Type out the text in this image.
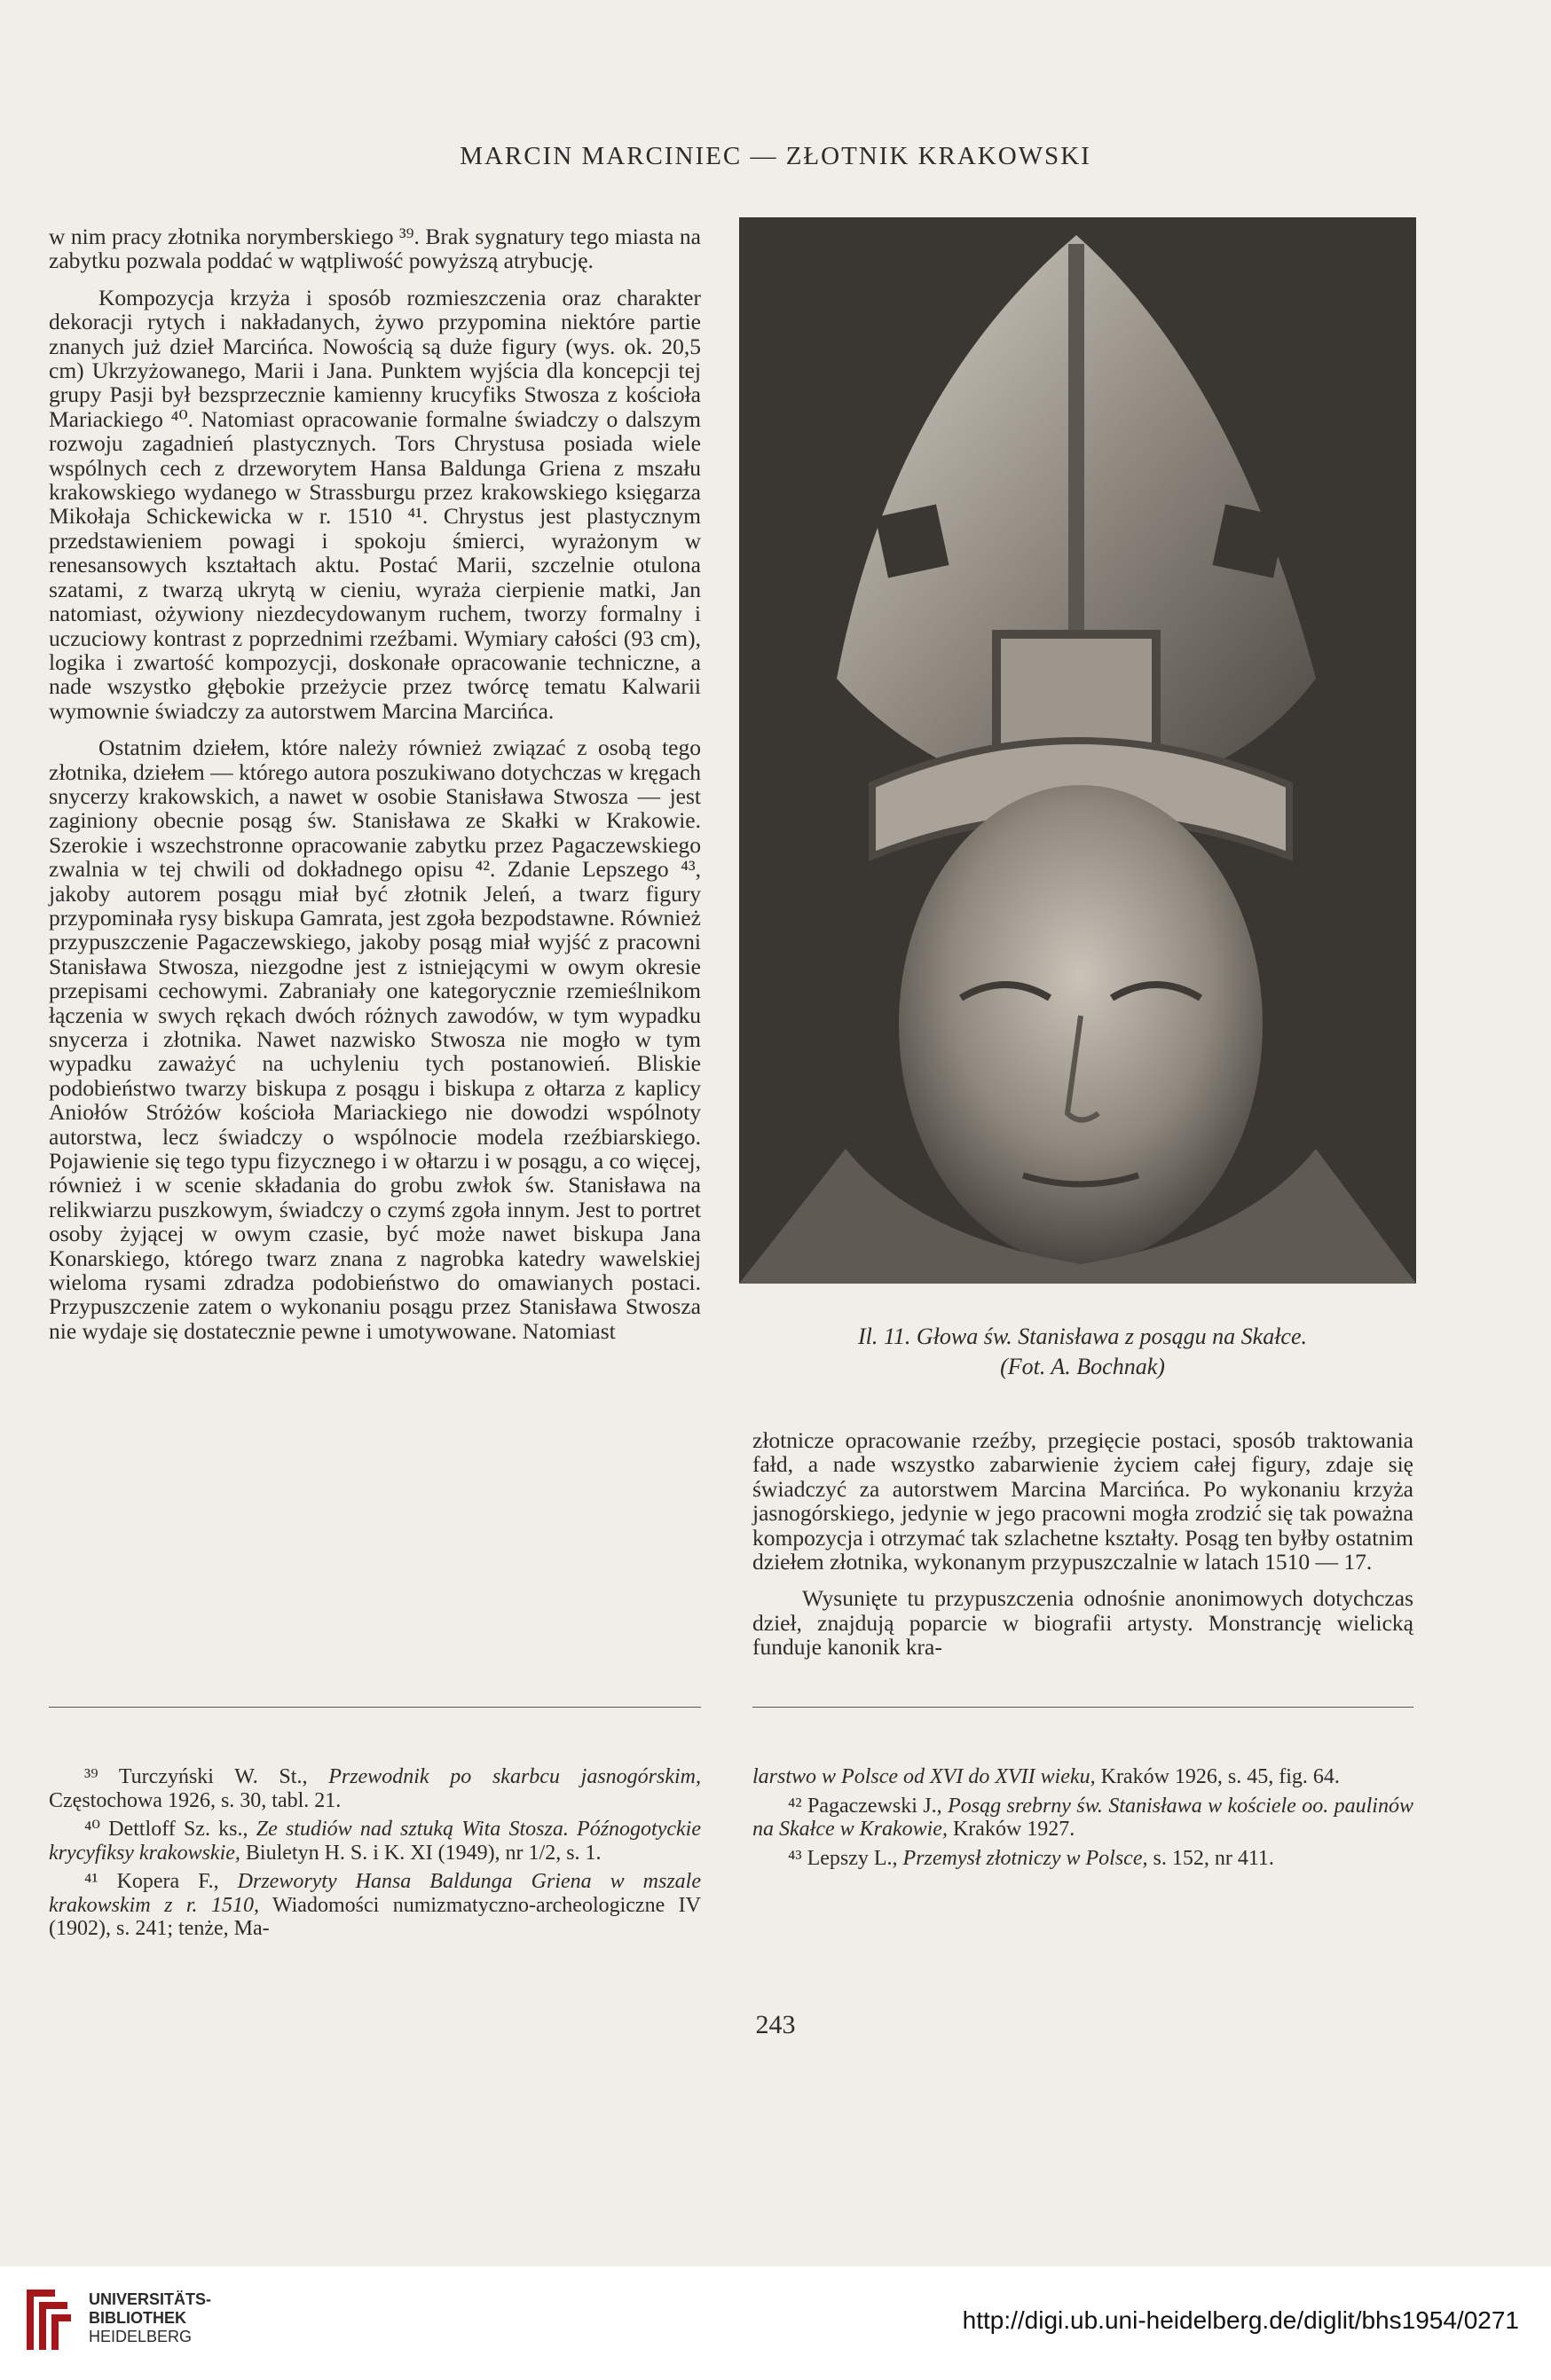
MARCIN MARCINIEC — ZŁOTNIK KRAKOWSKI

w nim pracy złotnika norymberskiego ³⁹. Brak sygnatury tego miasta na zabytku pozwala poddać w wątpliwość powyższą atrybucję.

Kompozycja krzyża i sposób rozmieszczenia oraz charakter dekoracji rytych i nakładanych, żywo przypomina niektóre partie znanych już dzieł Marcińca. Nowością są duże figury (wys. ok. 20,5 cm) Ukrzyżowanego, Marii i Jana. Punktem wyjścia dla koncepcji tej grupy Pasji był bezsprzecznie kamienny krucyfiks Stwosza z kościoła Mariackiego ⁴⁰. Natomiast opracowanie formalne świadczy o dalszym rozwoju zagadnień plastycznych. Tors Chrystusa posiada wiele wspólnych cech z drzeworytem Hansa Baldunga Griena z mszału krakowskiego wydanego w Strassburgu przez krakowskiego księgarza Mikołaja Schickewicka w r. 1510 ⁴¹. Chrystus jest plastycznym przedstawieniem powagi i spokoju śmierci, wyrażonym w renesansowych kształtach aktu. Postać Marii, szczelnie otulona szatami, z twarzą ukrytą w cieniu, wyraża cierpienie matki, Jan natomiast, ożywiony niezdecydowanym ruchem, tworzy formalny i uczuciowy kontrast z poprzednimi rzeźbami. Wymiary całości (93 cm), logika i zwartość kompozycji, doskonałe opracowanie techniczne, a nade wszystko głębokie przeżycie przez twórcę tematu Kalwarii wymownie świadczy za autorstwem Marcina Marcińca.

Ostatnim dziełem, które należy również związać z osobą tego złotnika, dziełem — którego autora poszukiwano dotychczas w kręgach snycerzy krakowskich, a nawet w osobie Stanisława Stwosza — jest zaginiony obecnie posąg św. Stanisława ze Skałki w Krakowie. Szerokie i wszechstronne opracowanie zabytku przez Pagaczewskiego zwalnia w tej chwili od dokładnego opisu ⁴². Zdanie Lepszego ⁴³, jakoby autorem posągu miał być złotnik Jeleń, a twarz figury przypominała rysy biskupa Gamrata, jest zgoła bezpodstawne. Również przypuszczenie Pagaczewskiego, jakoby posąg miał wyjść z pracowni Stanisława Stwosza, niezgodne jest z istniejącymi w owym okresie przepisami cechowymi. Zabraniały one kategorycznie rzemieślnikom łączenia w swych rękach dwóch różnych zawodów, w tym wypadku snycerza i złotnika. Nawet nazwisko Stwosza nie mogło w tym wypadku zaważyć na uchyleniu tych postanowień. Bliskie podobieństwo twarzy biskupa z posągu i biskupa z ołtarza z kaplicy Aniołów Stróżów kościoła Mariackiego nie dowodzi wspólnoty autorstwa, lecz świadczy o wspólnocie modela rzeźbiarskiego. Pojawienie się tego typu fizycznego i w ołtarzu i w posągu, a co więcej, również i w scenie składania do grobu zwłok św. Stanisława na relikwiarzu puszkowym, świadczy o czymś zgoła innym. Jest to portret osoby żyjącej w owym czasie, być może nawet biskupa Jana Konarskiego, którego twarz znana z nagrobka katedry wawelskiej wieloma rysami zdradza podobieństwo do omawianych postaci. Przypuszczenie zatem o wykonaniu posągu przez Stanisława Stwosza nie wydaje się dostatecznie pewne i umotywowane. Natomiast	Il. 11. Głowa św. Stanisława z posągu na Skałce.
(Fot. A. Bochnak)

złotnicze opracowanie rzeźby, przegięcie postaci, sposób traktowania fałd, a nade wszystko zabarwienie życiem całej figury, zdaje się świadczyć za autorstwem Marcina Marcińca. Po wykonaniu krzyża jasnogórskiego, jedynie w jego pracowni mogła zrodzić się tak poważna kompozycja i otrzymać tak szlachetne kształty. Posąg ten byłby ostatnim dziełem złotnika, wykonanym przypuszczalnie w latach 1510 — 17.

Wysunięte tu przypuszczenia odnośnie anonimowych dotychczas dzieł, znajdują poparcie w biografii artysty. Monstrancję wielicką funduje kanonik kra-

³⁹ Turczyński W. St., Przewodnik po skarbcu jasnogórskim, Częstochowa 1926, s. 30, tabl. 21.

⁴⁰ Dettloff Sz. ks., Ze studiów nad sztuką Wita Stosza. Późnogotyckie krycyfiksy krakowskie, Biuletyn H. S. i K. XI (1949), nr 1/2, s. 1.

⁴¹ Kopera F., Drzeworyty Hansa Baldunga Griena w mszale krakowskim z r. 1510, Wiadomości numizmatyczno-archeologiczne IV (1902), s. 241; tenże, Ma-

larstwo w Polsce od XVI do XVII wieku, Kraków 1926, s. 45, fig. 64.

⁴² Pagaczewski J., Posąg srebrny św. Stanisława w kościele oo. paulinów na Skałce w Krakowie, Kraków 1927.

⁴³ Lepszy L., Przemysł złotniczy w Polsce, s. 152, nr 411.

243
UNIVERSITÄTS-
BIBLIOTHEK
HEIDELBERG
http://digi.ub.uni-heidelberg.de/diglit/bhs1954/0271
